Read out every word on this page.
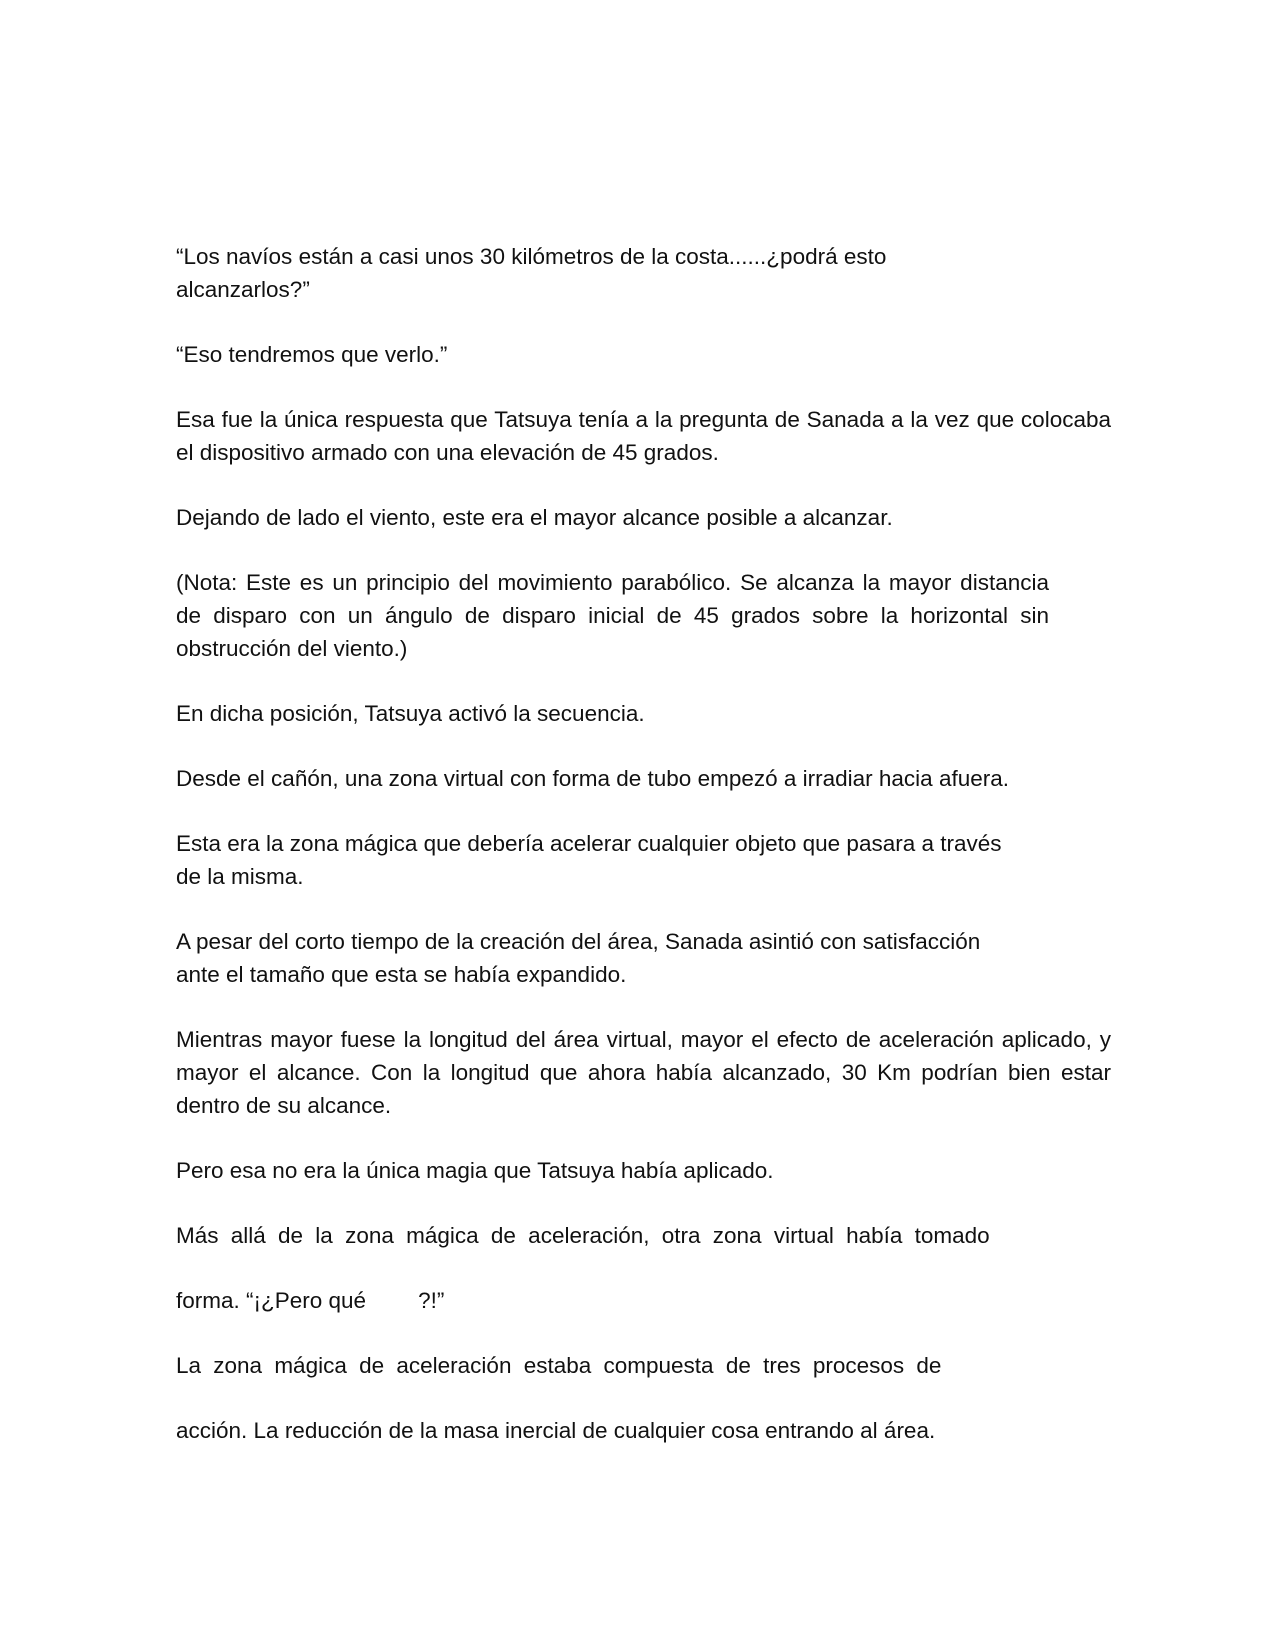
“Los navíos están a casi unos 30 kilómetros de la costa......¿podrá esto
alcanzarlos?”

“Eso tendremos que verlo.”

Esa fue la única respuesta que Tatsuya tenía a la pregunta de Sanada a la vez que colocaba el dispositivo armado con una elevación de 45 grados.

Dejando de lado el viento, este era el mayor alcance posible a alcanzar.

(Nota: Este es un principio del movimiento parabólico. Se alcanza la mayor distancia de disparo con un ángulo de disparo inicial de 45 grados sobre la horizontal sin obstrucción del viento.)

En dicha posición, Tatsuya activó la secuencia.

Desde el cañón, una zona virtual con forma de tubo empezó a irradiar hacia afuera.

Esta era la zona mágica que debería acelerar cualquier objeto que pasara a través
de la misma.

A pesar del corto tiempo de la creación del área, Sanada asintió con satisfacción
ante el tamaño que esta se había expandido.

Mientras mayor fuese la longitud del área virtual, mayor el efecto de aceleración aplicado, y mayor el alcance. Con la longitud que ahora había alcanzado, 30 Km podrían bien estar dentro de su alcance.

Pero esa no era la única magia que Tatsuya había aplicado.

Más allá de la zona mágica de aceleración, otra zona virtual había tomado

forma. “¡¿Pero qué ?!”

La zona mágica de aceleración estaba compuesta de tres procesos de

acción. La reducción de la masa inercial de cualquier cosa entrando al área.
